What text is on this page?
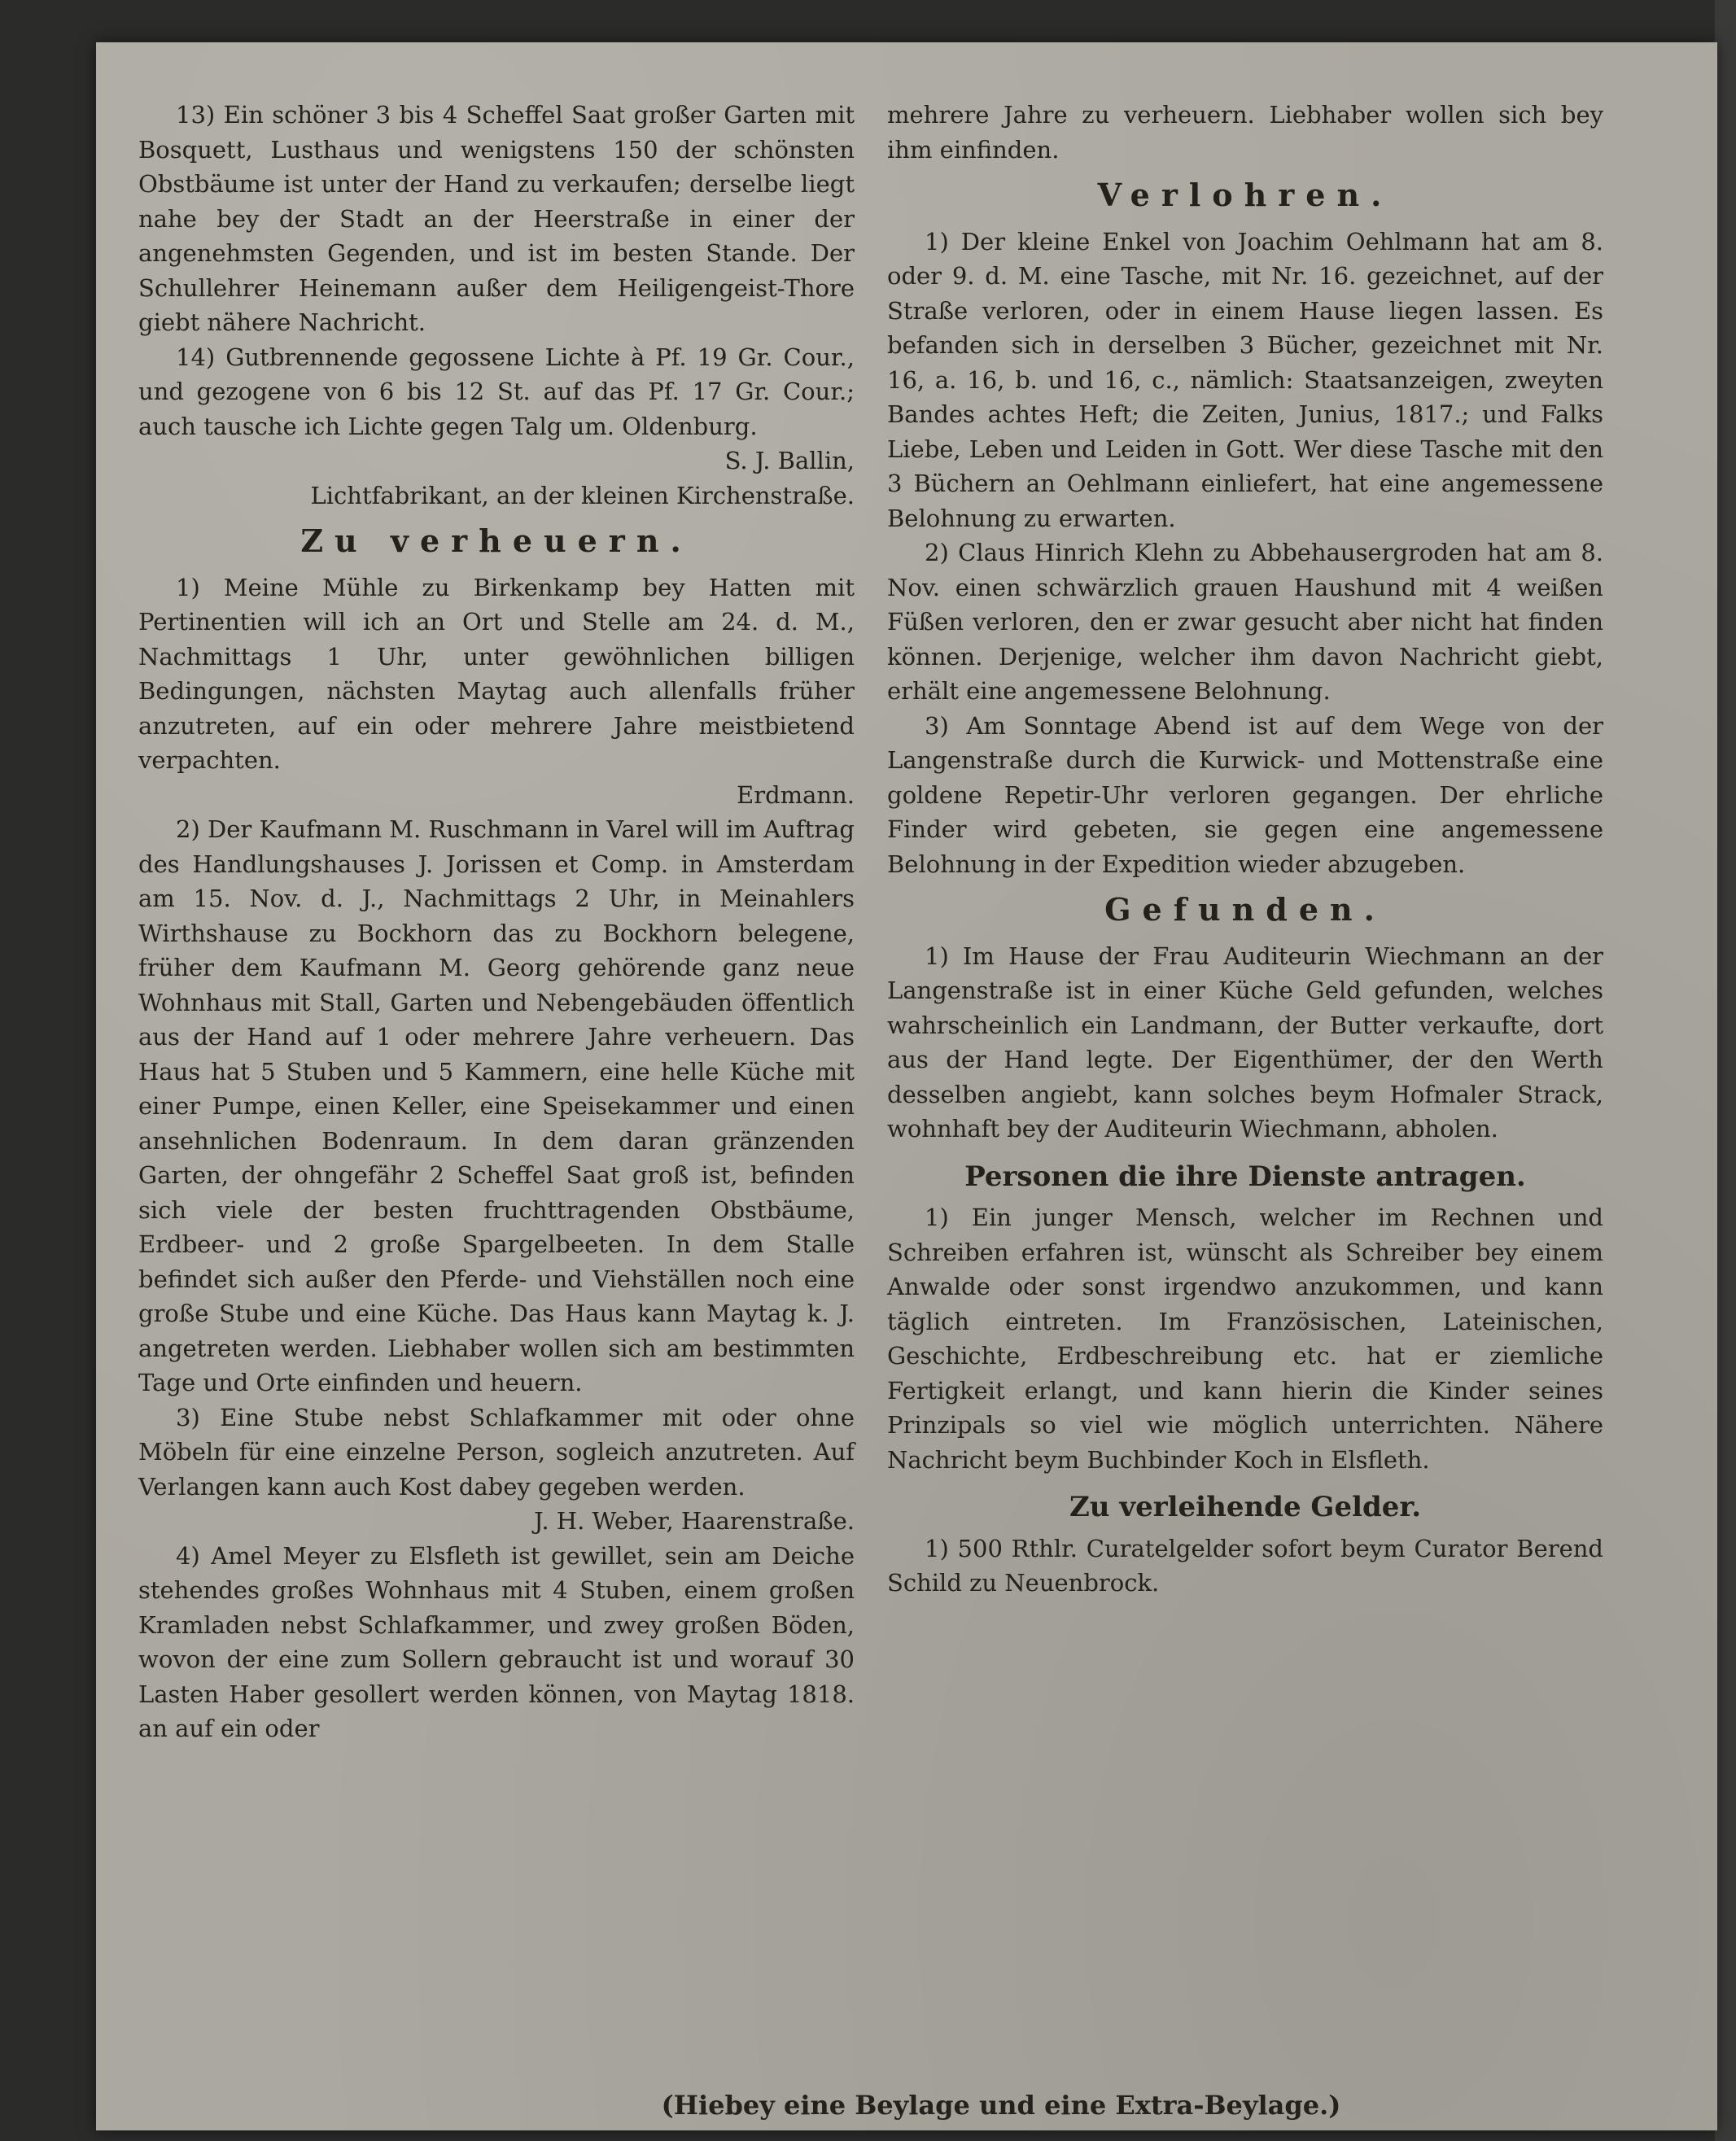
13) Ein schöner 3 bis 4 Scheffel Saat großer Garten mit Bosquett, Lusthaus und wenigstens 150 der schönsten Obstbäume ist unter der Hand zu verkaufen; derselbe liegt nahe bey der Stadt an der Heerstraße in einer der angenehmsten Gegenden, und ist im besten Stande. Der Schullehrer Heinemann außer dem Heiligengeist-Thore giebt nähere Nachricht.

14) Gutbrennende gegossene Lichte à Pf. 19 Gr. Cour., und gezogene von 6 bis 12 St. auf das Pf. 17 Gr. Cour.; auch tausche ich Lichte gegen Talg um. Oldenburg.

S. J. Ballin,

Lichtfabrikant, an der kleinen Kirchenstraße.

Zu verheuern.

1) Meine Mühle zu Birkenkamp bey Hatten mit Pertinentien will ich an Ort und Stelle am 24. d. M., Nachmittags 1 Uhr, unter gewöhnlichen billigen Bedingungen, nächsten Maytag auch allenfalls früher anzutreten, auf ein oder mehrere Jahre meistbietend verpachten.

Erdmann.

2) Der Kaufmann M. Ruschmann in Varel will im Auftrag des Handlungshauses J. Jorissen et Comp. in Amsterdam am 15. Nov. d. J., Nachmittags 2 Uhr, in Meinahlers Wirthshause zu Bockhorn das zu Bockhorn belegene, früher dem Kaufmann M. Georg gehörende ganz neue Wohnhaus mit Stall, Garten und Nebengebäuden öffentlich aus der Hand auf 1 oder mehrere Jahre verheuern. Das Haus hat 5 Stuben und 5 Kammern, eine helle Küche mit einer Pumpe, einen Keller, eine Speisekammer und einen ansehnlichen Bodenraum. In dem daran gränzenden Garten, der ohngefähr 2 Scheffel Saat groß ist, befinden sich viele der besten fruchttragenden Obstbäume, Erdbeer- und 2 große Spargelbeeten. In dem Stalle befindet sich außer den Pferde- und Viehställen noch eine große Stube und eine Küche. Das Haus kann Maytag k. J. angetreten werden. Liebhaber wollen sich am bestimmten Tage und Orte einfinden und heuern.

3) Eine Stube nebst Schlafkammer mit oder ohne Möbeln für eine einzelne Person, sogleich anzutreten. Auf Verlangen kann auch Kost dabey gegeben werden.

J. H. Weber, Haarenstraße.

4) Amel Meyer zu Elsfleth ist gewillet, sein am Deiche stehendes großes Wohnhaus mit 4 Stuben, einem großen Kramladen nebst Schlafkammer, und zwey großen Böden, wovon der eine zum Sollern gebraucht ist und worauf 30 Lasten Haber gesollert werden können, von Maytag 1818. an auf ein oder

mehrere Jahre zu verheuern. Liebhaber wollen sich bey ihm einfinden.

Verlohren.

1) Der kleine Enkel von Joachim Oehlmann hat am 8. oder 9. d. M. eine Tasche, mit Nr. 16. gezeichnet, auf der Straße verloren, oder in einem Hause liegen lassen. Es befanden sich in derselben 3 Bücher, gezeichnet mit Nr. 16, a. 16, b. und 16, c., nämlich: Staatsanzeigen, zweyten Bandes achtes Heft; die Zeiten, Junius, 1817.; und Falks Liebe, Leben und Leiden in Gott. Wer diese Tasche mit den 3 Büchern an Oehlmann einliefert, hat eine angemessene Belohnung zu erwarten.

2) Claus Hinrich Klehn zu Abbehausergroden hat am 8. Nov. einen schwärzlich grauen Haushund mit 4 weißen Füßen verloren, den er zwar gesucht aber nicht hat finden können. Derjenige, welcher ihm davon Nachricht giebt, erhält eine angemessene Belohnung.

3) Am Sonntage Abend ist auf dem Wege von der Langenstraße durch die Kurwick- und Mottenstraße eine goldene Repetir-Uhr verloren gegangen. Der ehrliche Finder wird gebeten, sie gegen eine angemessene Belohnung in der Expedition wieder abzugeben.

Gefunden.

1) Im Hause der Frau Auditeurin Wiechmann an der Langenstraße ist in einer Küche Geld gefunden, welches wahrscheinlich ein Landmann, der Butter verkaufte, dort aus der Hand legte. Der Eigenthümer, der den Werth desselben angiebt, kann solches beym Hofmaler Strack, wohnhaft bey der Auditeurin Wiechmann, abholen.

Personen die ihre Dienste antragen.

1) Ein junger Mensch, welcher im Rechnen und Schreiben erfahren ist, wünscht als Schreiber bey einem Anwalde oder sonst irgendwo anzukommen, und kann täglich eintreten. Im Französischen, Lateinischen, Geschichte, Erdbeschreibung etc. hat er ziemliche Fertigkeit erlangt, und kann hierin die Kinder seines Prinzipals so viel wie möglich unterrichten. Nähere Nachricht beym Buchbinder Koch in Elsfleth.

Zu verleihende Gelder.

1) 500 Rthlr. Curatelgelder sofort beym Curator Berend Schild zu Neuenbrock.

(Hiebey eine Beylage und eine Extra-Beylage.)
